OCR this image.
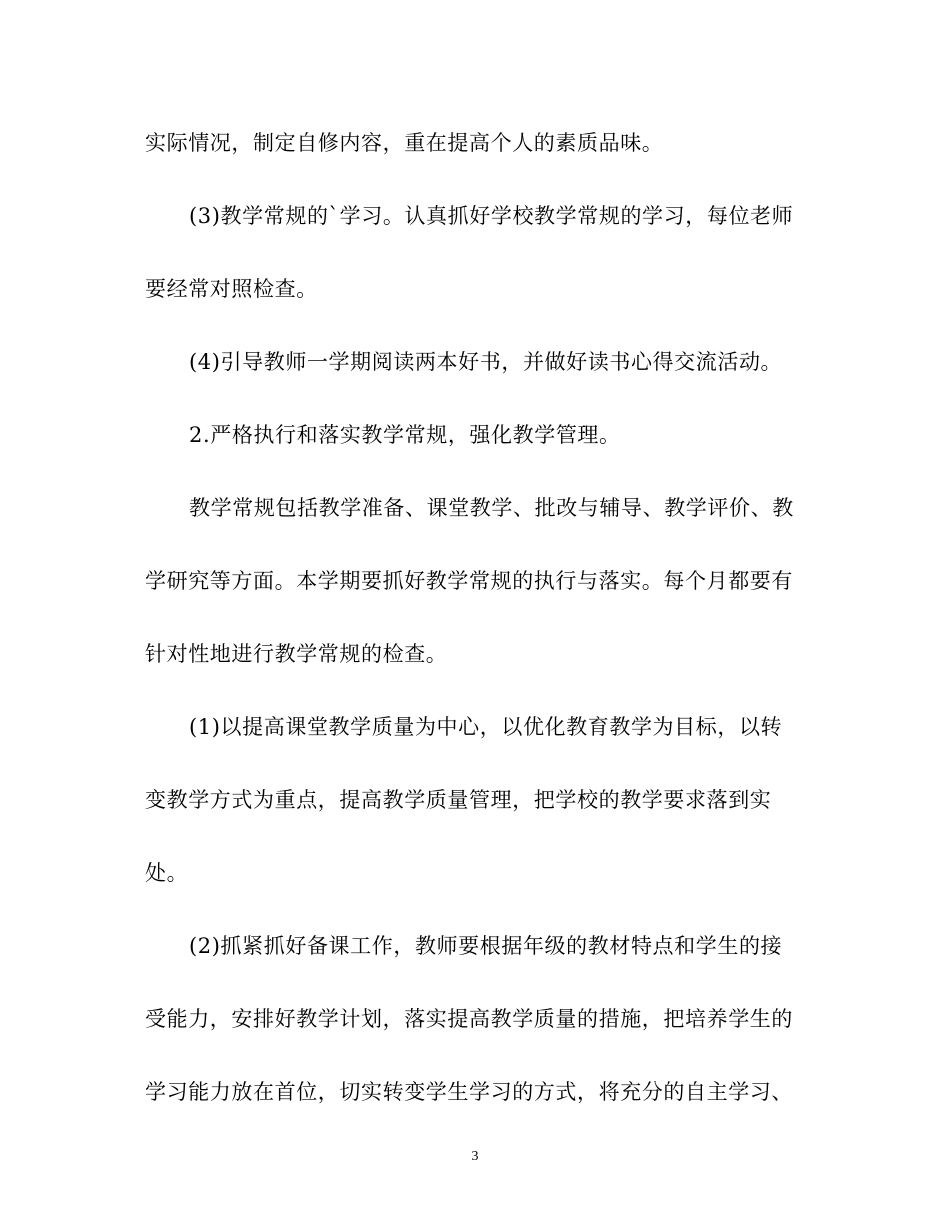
实际情况，制定自修内容，重在提高个人的素质品味。
(3)教学常规的`学习。认真抓好学校教学常规的学习，每位老师
要经常对照检查。
(4)引导教师一学期阅读两本好书，并做好读书心得交流活动。
2.严格执行和落实教学常规，强化教学管理。
教学常规包括教学准备、课堂教学、批改与辅导、教学评价、教
学研究等方面。本学期要抓好教学常规的执行与落实。每个月都要有
针对性地进行教学常规的检查。
(1)以提高课堂教学质量为中心，以优化教育教学为目标，以转
变教学方式为重点，提高教学质量管理，把学校的教学要求落到实
处。
(2)抓紧抓好备课工作，教师要根据年级的教材特点和学生的接
受能力，安排好教学计划，落实提高教学质量的措施，把培养学生的
学习能力放在首位，切实转变学生学习的方式，将充分的自主学习、
3
